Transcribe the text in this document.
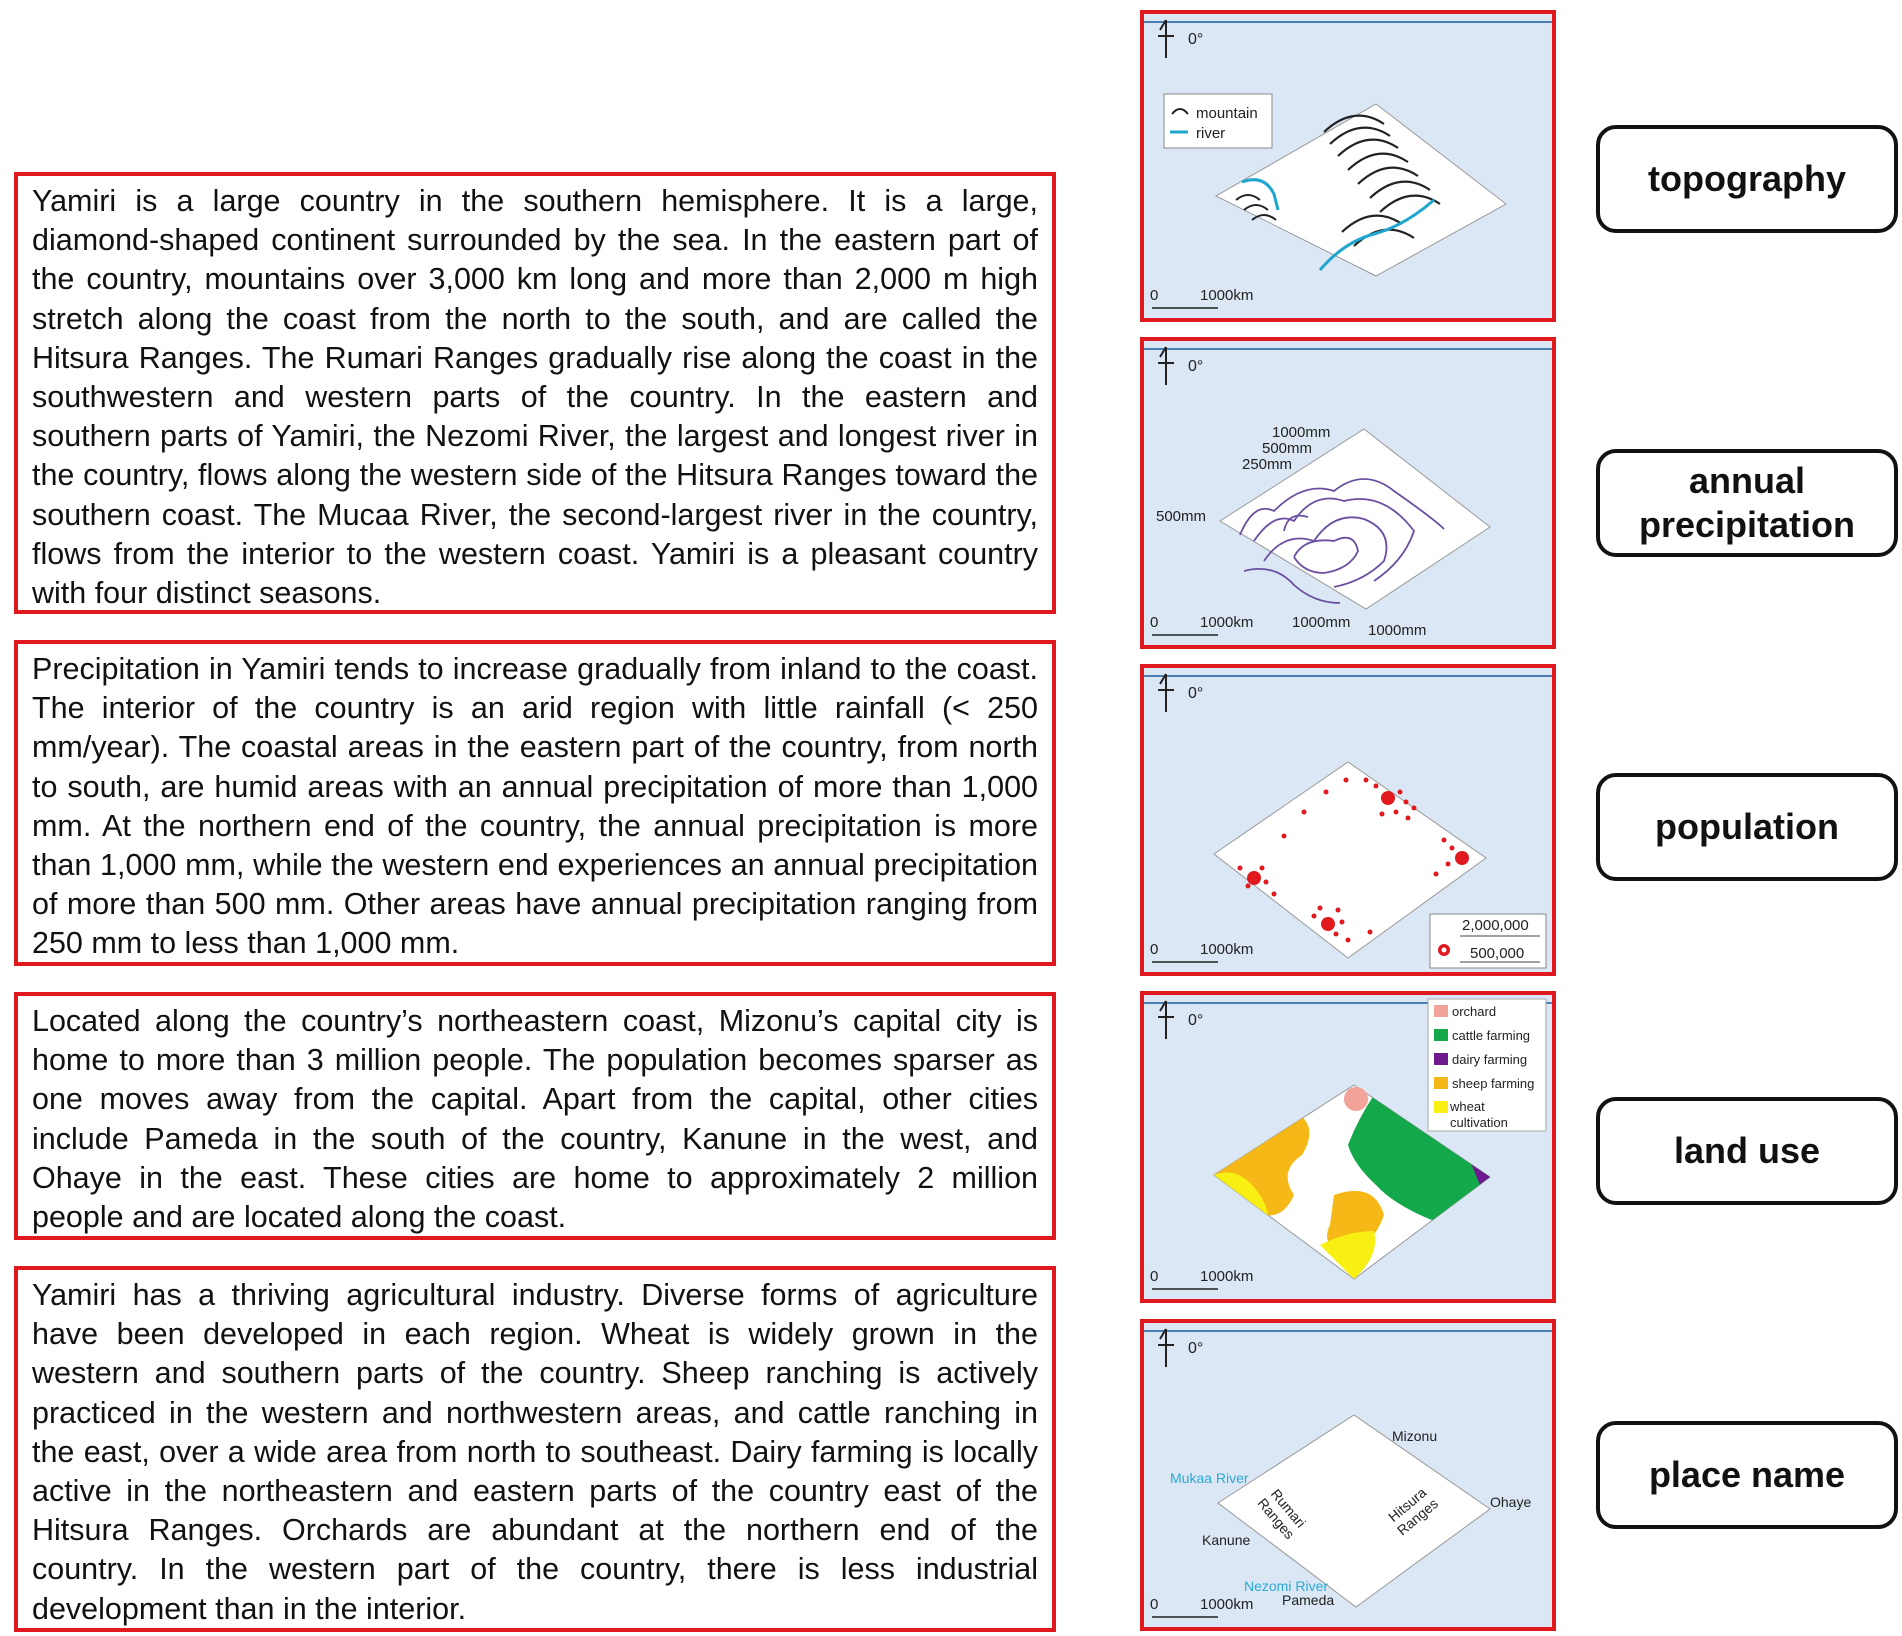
Yamiri is a large country in the southern hemisphere. It is a large, diamond-shaped continent surrounded by the sea. In the eastern part of the country, mountains over 3,000 km long and more than 2,000 m high stretch along the coast from the north to the south, and are called the Hitsura Ranges. The Rumari Ranges gradually rise along the coast in the southwestern and western parts of the country. In the eastern and southern parts of Yamiri, the Nezomi River, the largest and longest river in the country, flows along the western side of the Hitsura Ranges toward the southern coast. The Mucaa River, the second-largest river in the country, flows from the interior to the western coast. Yamiri is a pleasant country with four distinct seasons.
Precipitation in Yamiri tends to increase gradually from inland to the coast. The interior of the country is an arid region with little rainfall (< 250 mm/year). The coastal areas in the eastern part of the country, from north to south, are humid areas with an annual precipitation of more than 1,000 mm. At the northern end of the country, the annual precipitation is more than 1,000 mm, while the western end experiences an annual precipitation of more than 500 mm. Other areas have annual precipitation ranging from 250 mm to less than 1,000 mm.
Located along the country’s northeastern coast, Mizonu’s capital city is home to more than 3 million people. The population becomes sparser as one moves away from the capital. Apart from the capital, other cities include Pameda in the south of the country, Kanune in the west, and Ohaye in the east. These cities are home to approximately 2 million people and are located along the coast.
Yamiri has a thriving agricultural industry. Diverse forms of agriculture have been developed in each region. Wheat is widely grown in the western and southern parts of the country. Sheep ranching is actively practiced in the western and northwestern areas, and cattle ranching in the east, over a wide area from north to southeast. Dairy farming is locally active in the northeastern and eastern parts of the country east of the Hitsura Ranges. Orchards are abundant at the northern end of the country. In the western part of the country, there is less industrial development than in the interior.
0°
mountain
river
0	1000km
0°
1000mm
500mm
250mm
500mm
1000mm 1000mm
0	1000km
0°
2,000,000
500,000
0	1000km
0°
orchard
cattle farming
dairy farming
sheep farming
wheat cultivation
0	1000km
0°
Mizonu
Ohaye
Kanune
Pameda
Mukaa River
Nezomi River
Rumari Ranges	Hitsura Ranges
0	1000km
topography
annual precipitation
population
land use
place name
